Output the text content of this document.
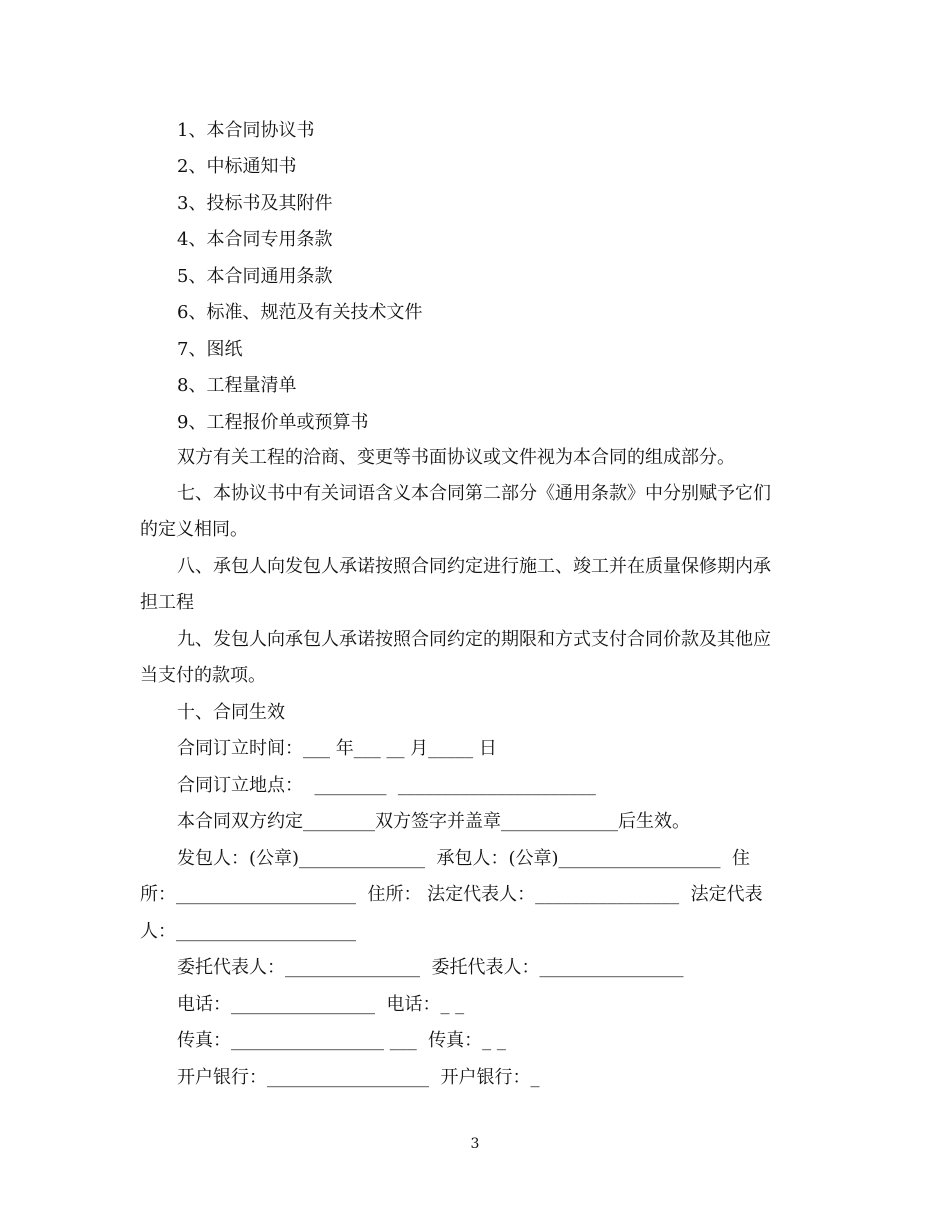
1、本合同协议书
2、中标通知书
3、投标书及其附件
4、本合同专用条款
5、本合同通用条款
6、标准、规范及有关技术文件
7、图纸
8、工程量清单
9、工程报价单或预算书
双方有关工程的洽商、变更等书面协议或文件视为本合同的组成部分。
七、本协议书中有关词语含义本合同第二部分《通用条款》中分别赋予它们
的定义相同。
八、承包人向发包人承诺按照合同约定进行施工、竣工并在质量保修期内承
担工程
九、发包人向承包人承诺按照合同约定的期限和方式支付合同价款及其他应
当支付的款项。
十、合同生效
合同订立时间：___ 年___ __ 月_____ 日
合同订立地点：  ________  ______________________
本合同双方约定________双方签字并盖章_____________后生效。
发包人：(公章)______________  承包人：(公章)__________________  住
所：____________________  住所： 法定代表人：________________  法定代表
人：____________________
委托代表人：_______________  委托代表人：________________
电话：________________  电话：_ _
传真：_________________ ___  传真：_ _
开户银行：__________________  开户银行：_
3
